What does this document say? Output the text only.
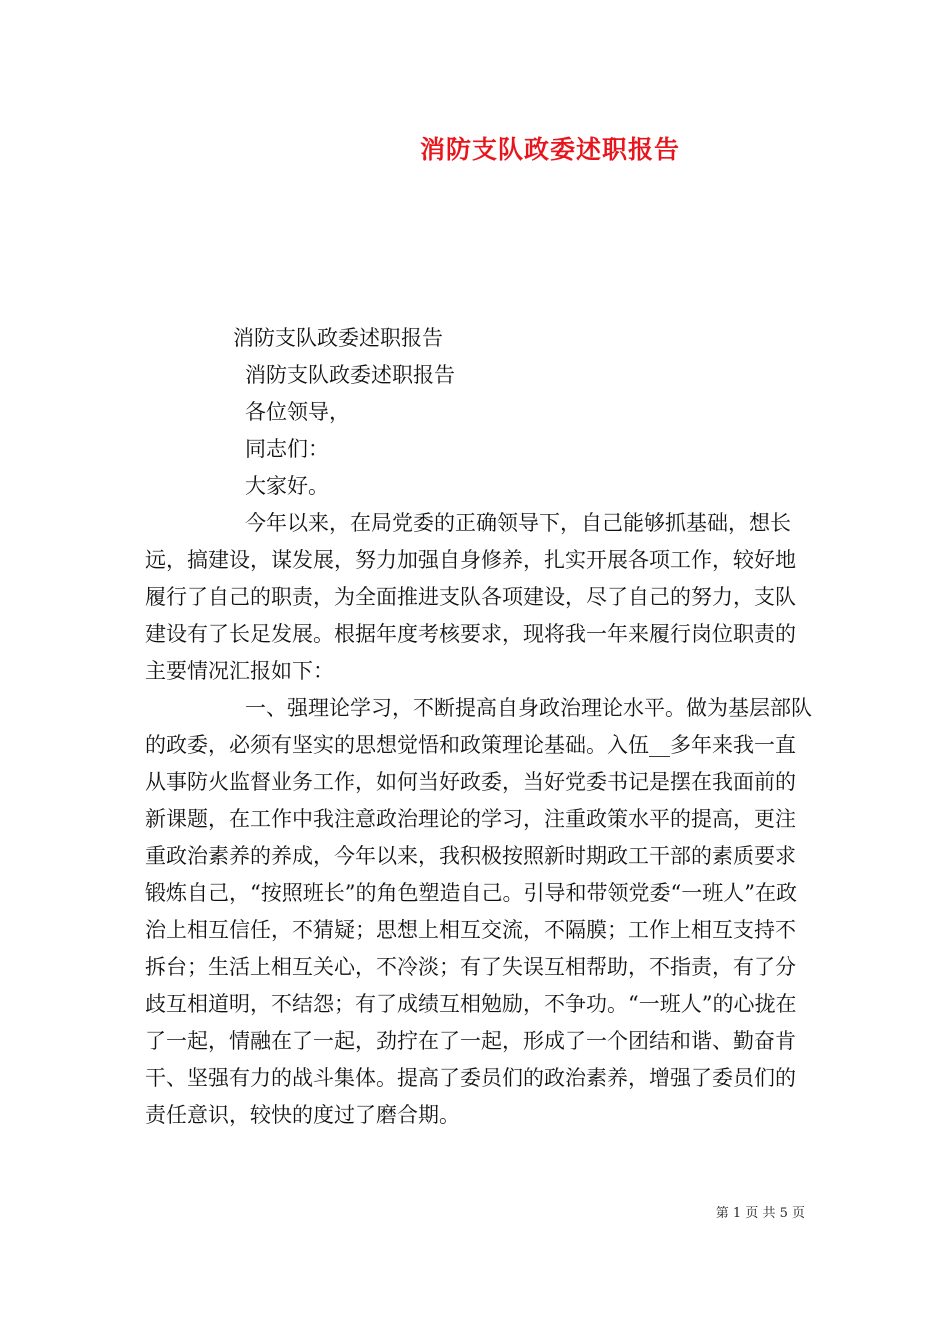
消防支队政委述职报告

消防支队政委述职报告

消防支队政委述职报告

各位领导，

同志们：

大家好。

今年以来，在局党委的正确领导下，自己能够抓基础，想长远，搞建设，谋发展，努力加强自身修养，扎实开展各项工作，较好地履行了自己的职责，为全面推进支队各项建设，尽了自己的努力，支队建设有了长足发展。根据年度考核要求，现将我一年来履行岗位职责的主要情况汇报如下：

一、强理论学习，不断提高自身政治理论水平。做为基层部队的政委，必须有坚实的思想觉悟和政策理论基础。入伍__多年来我一直从事防火监督业务工作，如何当好政委，当好党委书记是摆在我面前的新课题，在工作中我注意政治理论的学习，注重政策水平的提高，更注重政治素养的养成，今年以来，我积极按照新时期政工干部的素质要求锻炼自己，“按照班长”的角色塑造自己。引导和带领党委“一班人”在政治上相互信任，不猜疑；思想上相互交流，不隔膜；工作上相互支持不拆台；生活上相互关心，不冷淡；有了失误互相帮助，不指责，有了分歧互相道明，不结怨；有了成绩互相勉励，不争功。“一班人”的心拢在了一起，情融在了一起，劲拧在了一起，形成了一个团结和谐、勤奋肯干、坚强有力的战斗集体。提高了委员们的政治素养，增强了委员们的责任意识，较快的度过了磨合期。

第 1 页 共 5 页
